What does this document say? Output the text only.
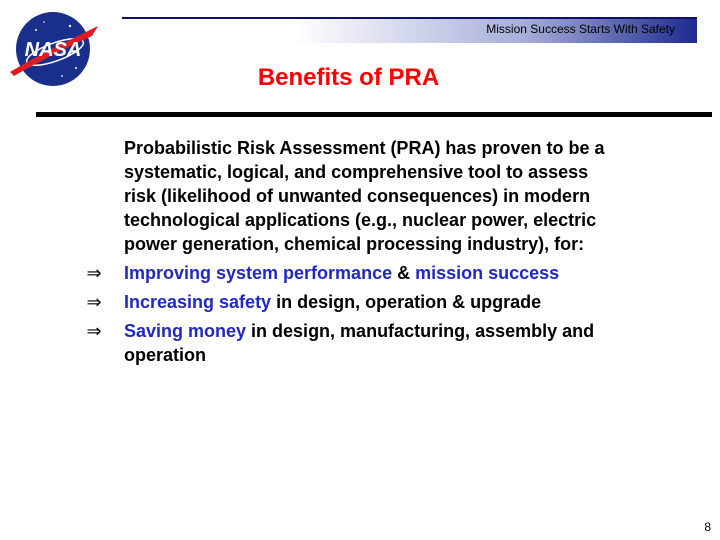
NASA
Mission Success Starts With Safety
Benefits of PRA
Probabilistic Risk Assessment (PRA) has proven to be a systematic, logical, and comprehensive tool to assess risk (likelihood of unwanted consequences) in modern technological applications (e.g., nuclear power, electric power generation, chemical processing industry), for:
⇒ Improving system performance & mission success
⇒ Increasing safety in design, operation & upgrade
⇒ Saving money in design, manufacturing, assembly and operation
8
